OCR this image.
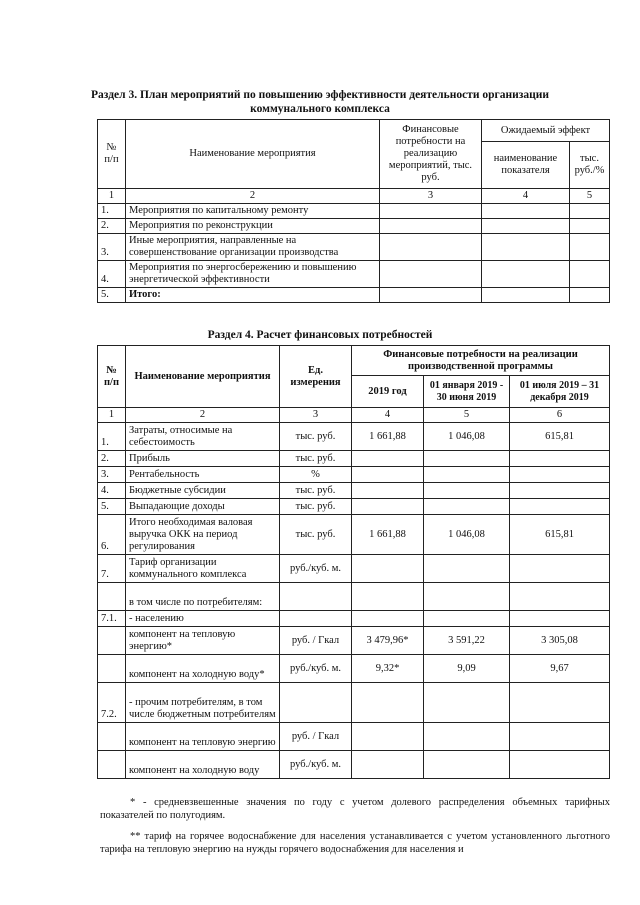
Раздел 3. План мероприятий по повышению эффективности деятельности организации
коммунального комплекса
№ п/п	Наименование мероприятия	Финансовые потребности на реализацию мероприятий, тыс. руб.	Ожидаемый эффект	
			наименование показателя	тыс. руб./%
1	2	3	4	5
1.	Мероприятия по капитальному ремонту			
2.	Мероприятия по реконструкции			
3.	Иные мероприятия, направленные на совершенствование организации производства			
4.	Мероприятия по энергосбережению и повышению энергетической эффективности			
5.	Итого:			
Раздел 4. Расчет финансовых потребностей
№ п/п	Наименование мероприятия	Ед. измерения	Финансовые потребности на реализации производственной программы		
			2019 год	01 января 2019 - 30 июня 2019	01 июля 2019 – 31 декабря 2019
1	2	3	4	5	6
1.	Затраты, относимые на себестоимость	тыс. руб.	1 661,88	1 046,08	615,81
2.	Прибыль	тыс. руб.			
3.	Рентабельность	%			
4.	Бюджетные субсидии	тыс. руб.			
5.	Выпадающие доходы	тыс. руб.			
6.	Итого необходимая валовая выручка ОКК на период регулирования	тыс. руб.	1 661,88	1 046,08	615,81
7.	Тариф организации коммунального комплекса	руб./куб. м.			
	в том числе по потребителям:				
7.1.	- населению				
	компонент на тепловую энергию*	руб. / Гкал	3 479,96*	3 591,22	3 305,08
	компонент на холодную воду*	руб./куб. м.	9,32*	9,09	9,67
7.2.	- прочим потребителям, в том числе бюджетным потребителям				
	компонент на тепловую энергию	руб. / Гкал			
	компонент на холодную воду	руб./куб. м.			

* - средневзвешенные значения по году с учетом долевого распределения объемных тарифных показателей по полугодиям.

** тариф на горячее водоснабжение для населения устанавливается с учетом установленного льготного тарифа на тепловую энергию на нужды горячего водоснабжения для населения и
